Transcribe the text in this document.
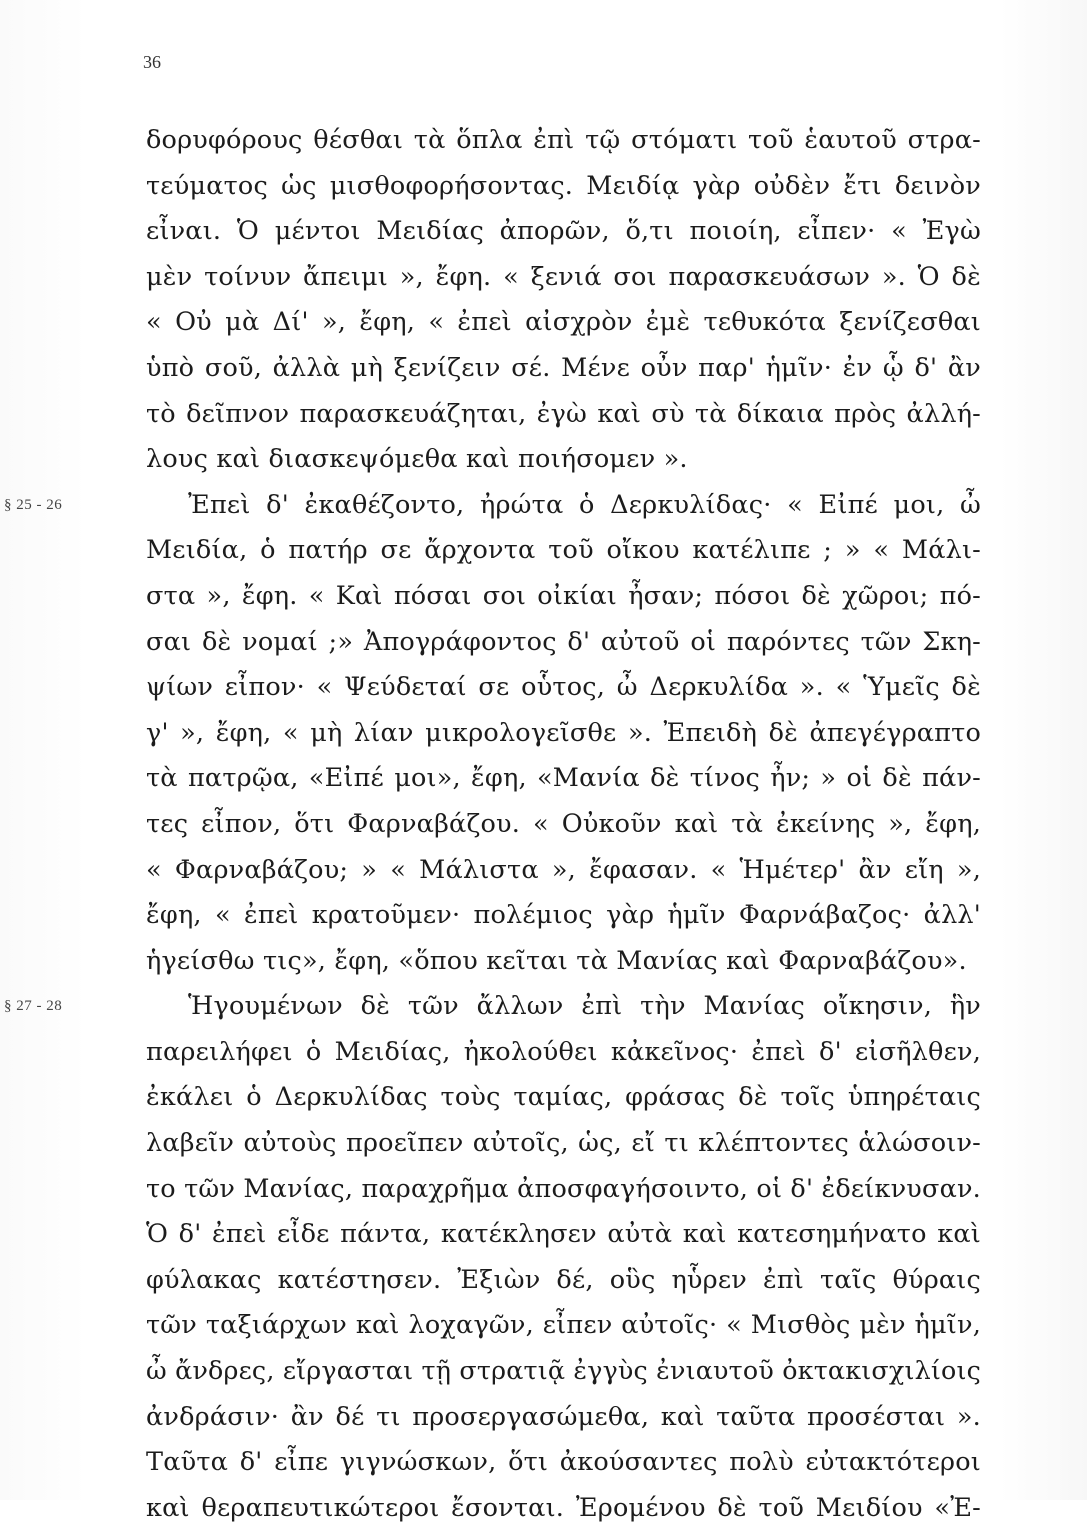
36
δορυφόρους θέσθαι τὰ ὅπλα ἐπὶ τῷ στόματι τοῦ ἑαυτοῦ στρα-
τεύματος ὡς μισθοφορήσοντας. Μειδίᾳ γὰρ οὐδὲν ἔτι δεινὸν
εἶναι. Ὁ μέντοι Μειδίας ἀπορῶν, ὅ,τι ποιοίη, εἶπεν· « Ἐγὼ
μὲν τοίνυν ἄπειμι », ἔφη. « ξενιά σοι παρασκευάσων ». Ὁ δὲ
« Οὐ μὰ Δί' », ἔφη, « ἐπεὶ αἰσχρὸν ἐμὲ τεθυκότα ξενίζεσθαι
ὑπὸ σοῦ, ἀλλὰ μὴ ξενίζειν σέ. Μένε οὖν παρ' ἡμῖν· ἐν ᾧ δ' ἂν
τὸ δεῖπνον παρασκευάζηται, ἐγὼ καὶ σὺ τὰ δίκαια πρὸς ἀλλή-
λους καὶ διασκεψόμεθα καὶ ποιήσομεν ».
§ 25 - 26	Ἐπεὶ δ' ἐκαθέζοντο, ἠρώτα ὁ Δερκυλίδας· « Εἰπέ μοι, ὦ
Μειδία, ὁ πατήρ σε ἄρχοντα τοῦ οἴκου κατέλιπε ; » « Μάλι-
στα », ἔφη. « Καὶ πόσαι σοι οἰκίαι ἦσαν; πόσοι δὲ χῶροι; πό-
σαι δὲ νομαί ;» Ἀπογράφοντος δ' αὐτοῦ οἱ παρόντες τῶν Σκη-
ψίων εἶπον· « Ψεύδεταί σε οὗτος, ὦ Δερκυλίδα ». « Ὑμεῖς δὲ
γ' », ἔφη, « μὴ λίαν μικρολογεῖσθε ». Ἐπειδὴ δὲ ἀπεγέγραπτο
τὰ πατρῷα, «Εἰπέ μοι», ἔφη, «Μανία δὲ τίνος ἦν; » οἱ δὲ πάν-
τες εἶπον, ὅτι Φαρναβάζου. « Οὐκοῦν καὶ τὰ ἐκείνης », ἔφη,
« Φαρναβάζου; » « Μάλιστα », ἔφασαν. « Ἡμέτερ' ἂν εἴη »,
ἔφη, « ἐπεὶ κρατοῦμεν· πολέμιος γὰρ ἡμῖν Φαρνάβαζος· ἀλλ'
ἡγείσθω τις», ἔφη, «ὅπου κεῖται τὰ Μανίας καὶ Φαρναβάζου».
§ 27 - 28	Ἡγουμένων δὲ τῶν ἄλλων ἐπὶ τὴν Μανίας οἴκησιν, ἣν
παρειλήφει ὁ Μειδίας, ἠκολούθει κἀκεῖνος· ἐπεὶ δ' εἰσῆλθεν,
ἐκάλει ὁ Δερκυλίδας τοὺς ταμίας, φράσας δὲ τοῖς ὑπηρέταις
λαβεῖν αὐτοὺς προεῖπεν αὐτοῖς, ὡς, εἴ τι κλέπτοντες ἁλώσοιν-
το τῶν Μανίας, παραχρῆμα ἀποσφαγήσοιντο, οἱ δ' ἐδείκνυσαν.
Ὁ δ' ἐπεὶ εἶδε πάντα, κατέκλησεν αὐτὰ καὶ κατεσημήνατο καὶ
φύλακας κατέστησεν. Ἐξιὼν δέ, οὓς ηὗρεν ἐπὶ ταῖς θύραις
τῶν ταξιάρχων καὶ λοχαγῶν, εἶπεν αὐτοῖς· « Μισθὸς μὲν ἡμῖν,
ὦ ἄνδρες, εἴργασται τῇ στρατιᾷ ἐγγὺς ἐνιαυτοῦ ὀκτακισχιλίοις
ἀνδράσιν· ἂν δέ τι προσεργασώμεθα, καὶ ταῦτα προσέσται ».
Ταῦτα δ' εἶπε γιγνώσκων, ὅτι ἀκούσαντες πολὺ εὐτακτότεροι
καὶ θεραπευτικώτεροι ἔσονται. Ἐρομένου δὲ τοῦ Μειδίου «Ἐ-
